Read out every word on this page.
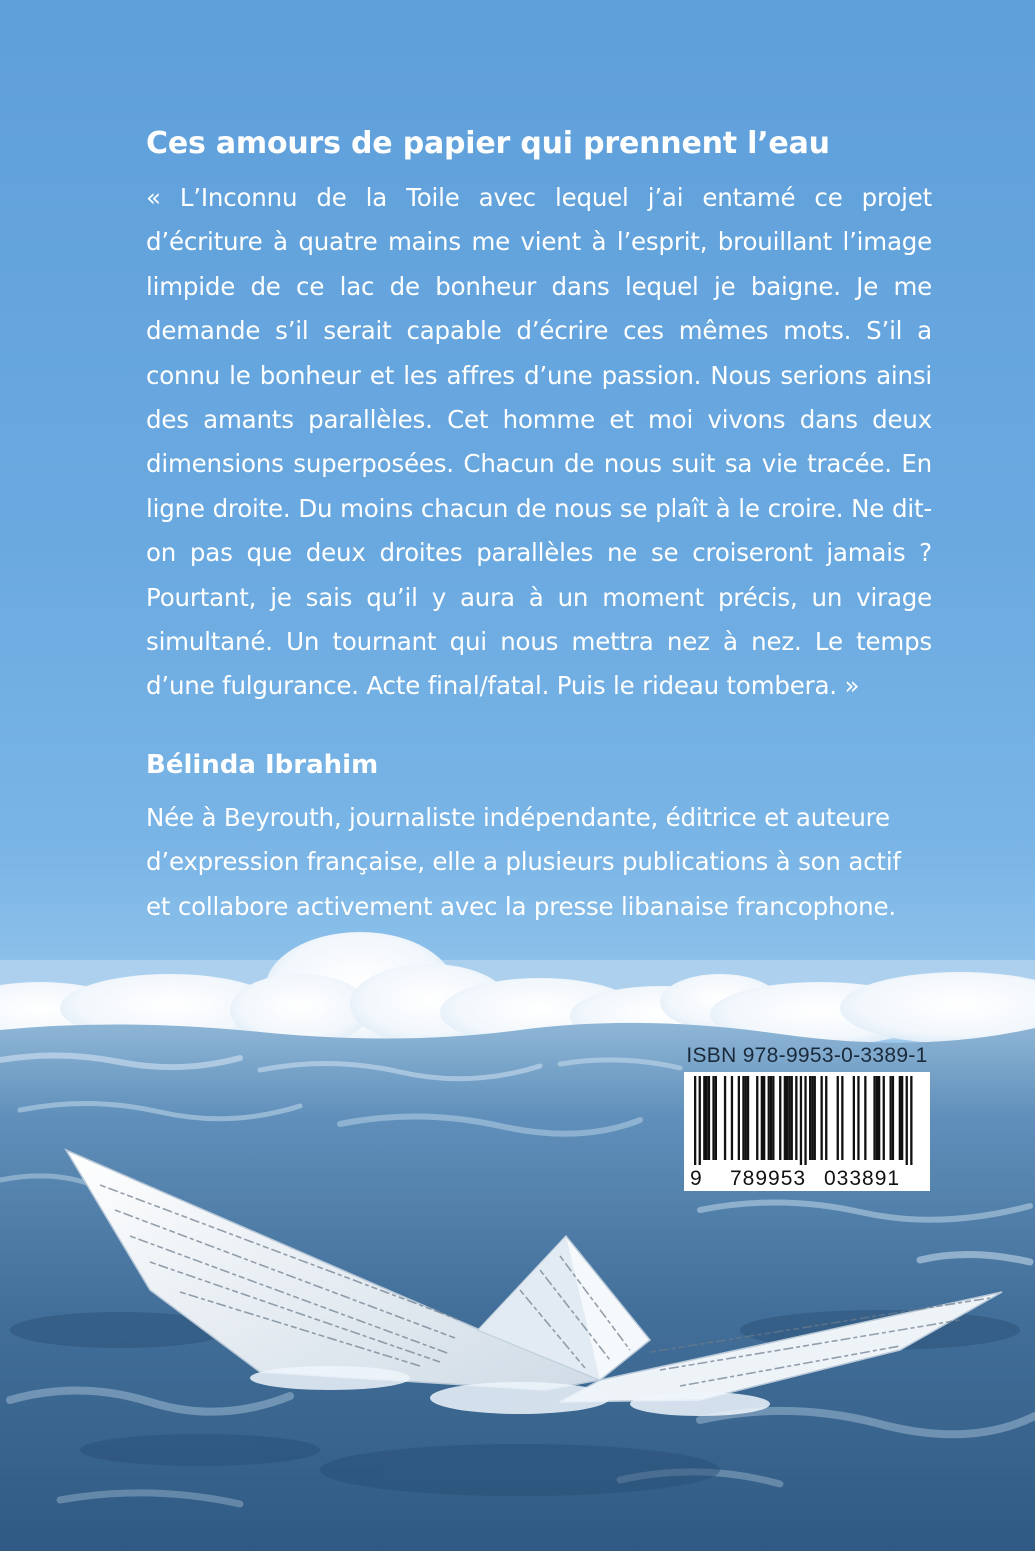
Ces amours de papier qui prennent l’eau
« L’Inconnu de la Toile avec lequel j’ai entamé ce projet d’écriture à quatre mains me vient à l’esprit, brouillant l’image limpide de ce lac de bonheur dans lequel je baigne. Je me demande s’il serait capable d’écrire ces mêmes mots. S’il a connu le bonheur et les affres d’une passion. Nous serions ainsi des amants parallèles. Cet homme et moi vivons dans deux dimensions superposées. Chacun de nous suit sa vie tracée. En ligne droite. Du moins chacun de nous se plaît à le croire. Ne dit-on pas que deux droites parallèles ne se croiseront jamais ? Pourtant, je sais qu’il y aura à un moment précis, un virage simultané. Un tournant qui nous mettra nez à nez. Le temps d’une fulgurance. Acte final/fatal. Puis le rideau tombera. »
Bélinda Ibrahim
Née à Beyrouth, journaliste indépendante, éditrice et auteure d’expression française, elle a plusieurs publications à son actif et collabore activement avec la presse libanaise francophone.
ISBN 978-9953-0-3389-1
9 789953 033891
